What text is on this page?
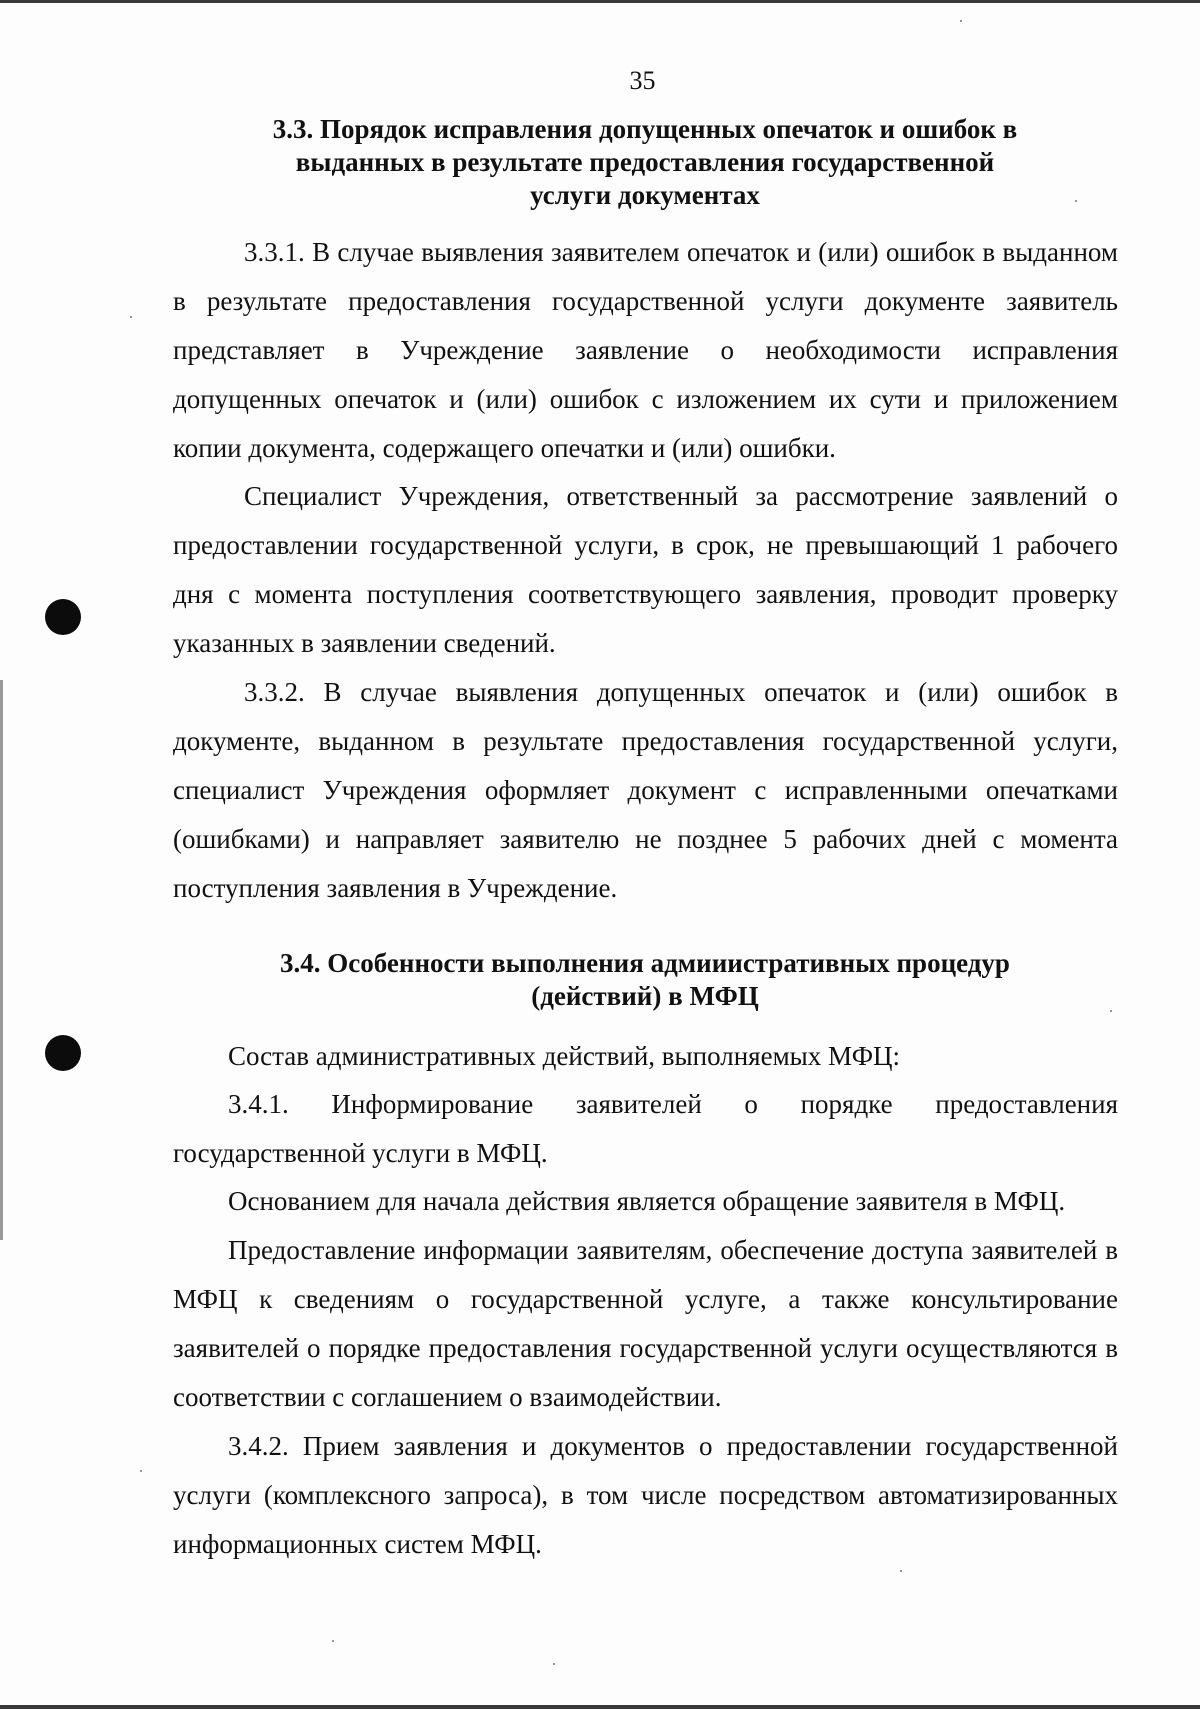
35
3.3. Порядок исправления допущенных опечаток и ошибок в
выданных в результате предоставления государственной
услуги документах

3.3.1. В случае выявления заявителем опечаток и (или) ошибок в выданном в результате предоставления государственной услуги документе заявитель представляет в Учреждение заявление о необходимости исправления допущенных опечаток и (или) ошибок с изложением их сути и приложением копии документа, содержащего опечатки и (или) ошибки.

Специалист Учреждения, ответственный за рассмотрение заявлений о предоставлении государственной услуги, в срок, не превышающий 1 рабочего дня с момента поступления соответствующего заявления, проводит проверку указанных в заявлении сведений.

3.3.2. В случае выявления допущенных опечаток и (или) ошибок в документе, выданном в результате предоставления государственной услуги, специалист Учреждения оформляет документ с исправленными опечатками (ошибками) и направляет заявителю не позднее 5 рабочих дней с момента поступления заявления в Учреждение.

3.4. Особенности выполнения адмиииcтративных процедур
(действий) в МФЦ

Состав административных действий, выполняемых МФЦ:

3.4.1. Информирование заявителей о порядке предоставления государственной услуги в МФЦ.

Основанием для начала действия является обращение заявителя в МФЦ.

Предоставление информации заявителям, обеспечение доступа заявителей в МФЦ к сведениям о государственной услуге, а также консультирование заявителей о порядке предоставления государственной услуги осуществляются в соответствии с соглашением о взаимодействии.

3.4.2. Прием заявления и документов о предоставлении государственной услуги (комплексного запроса), в том числе посредством автоматизированных информационных систем МФЦ.
